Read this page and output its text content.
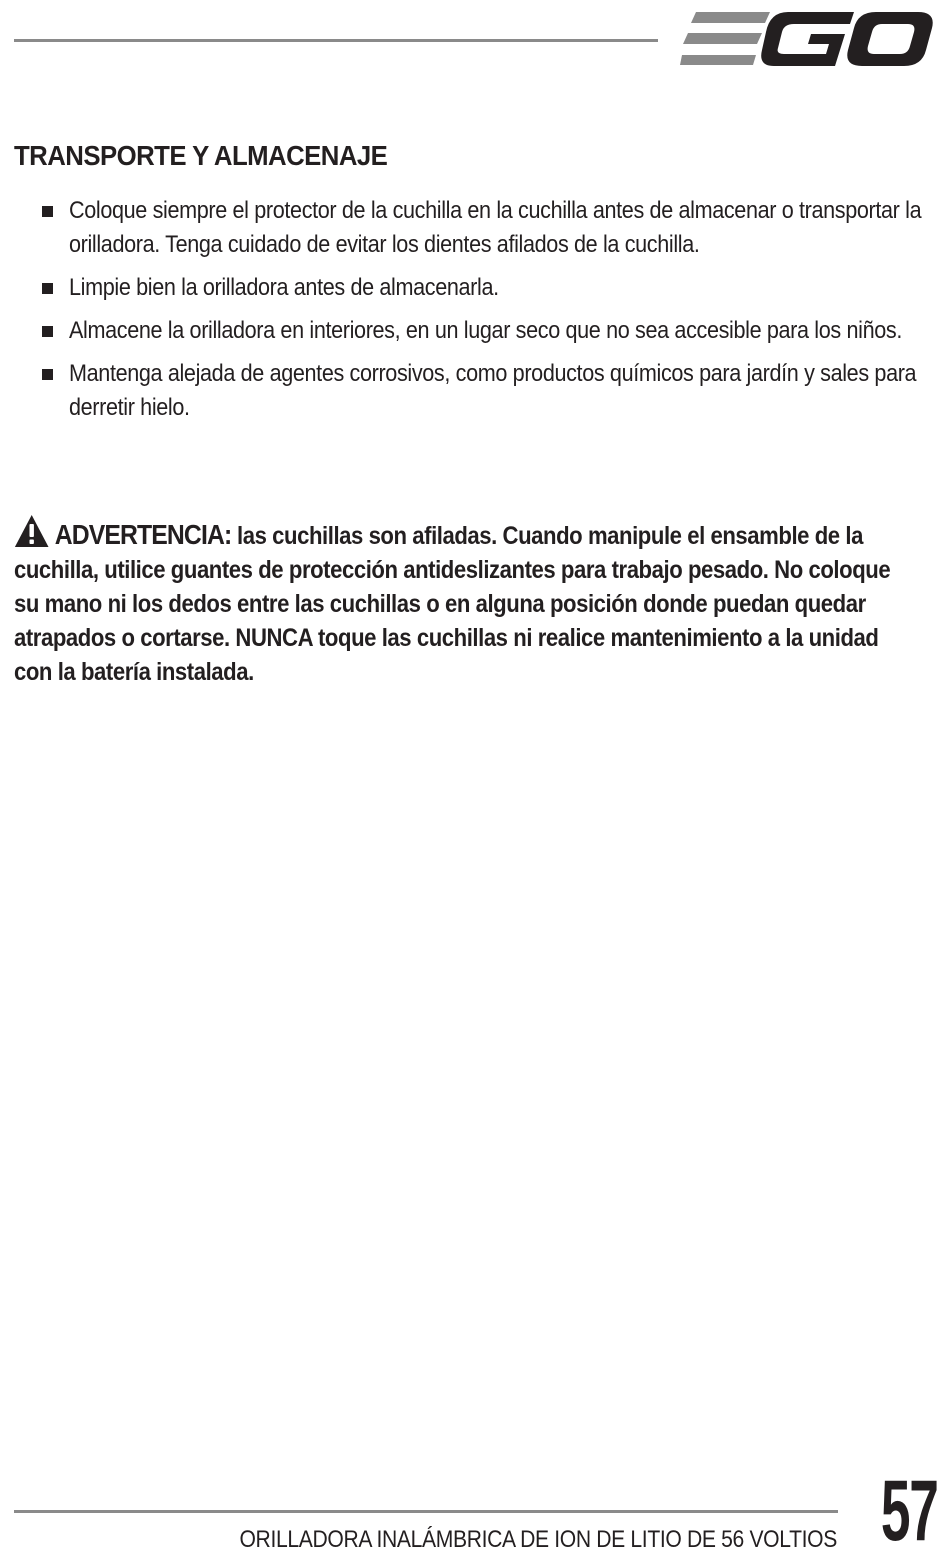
TRANSPORTE Y ALMACENAJE
Coloque siempre el protector de la cuchilla en la cuchilla antes de almacenar o transportar la orilladora. Tenga cuidado de evitar los dientes afilados de la cuchilla.
Limpie bien la orilladora antes de almacenarla.
Almacene la orilladora en interiores, en un lugar seco que no sea accesible para los niños.
Mantenga alejada de agentes corrosivos, como productos químicos para jardín y sales para derretir hielo.

ADVERTENCIA: las cuchillas son afiladas. Cuando manipule el ensamble de la cuchilla, utilice guantes de protección antideslizantes para trabajo pesado. No coloque su mano ni los dedos entre las cuchillas o en alguna posición donde puedan quedar atrapados o cortarse. NUNCA toque las cuchillas ni realice mantenimiento a la unidad con la batería instalada.

ORILLADORA INALÁMBRICA DE ION DE LITIO DE 56 VOLTIOS 57
